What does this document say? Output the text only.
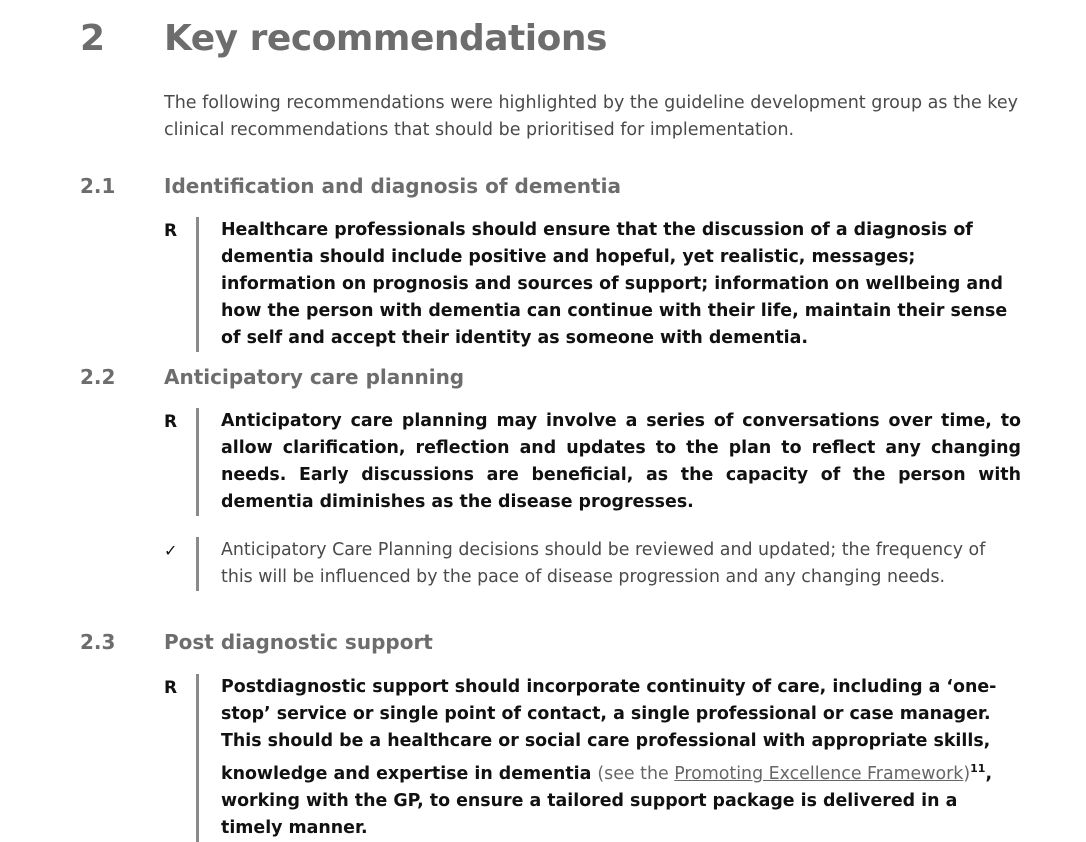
2 Key recommendations

The following recommendations were highlighted by the guideline development group as the key clinical recommendations that should be prioritised for implementation.

2.1 Identification and diagnosis of dementia
R	Healthcare professionals should ensure that the discussion of a diagnosis of dementia should include positive and hopeful, yet realistic, messages; information on prognosis and sources of support; information on wellbeing and how the person with dementia can continue with their life, maintain their sense of self and accept their identity as someone with dementia.

2.2 Anticipatory care planning
R	Anticipatory care planning may involve a series of conversations over time, to allow clarification, reflection and updates to the plan to reflect any changing needs. Early discussions are beneficial, as the capacity of the person with dementia diminishes as the disease progresses.

✓	Anticipatory Care Planning decisions should be reviewed and updated; the frequency of this will be influenced by the pace of disease progression and any changing needs.

2.3 Post diagnostic support
R	Postdiagnostic support should incorporate continuity of care, including a ‘one-stop’ service or single point of contact, a single professional or case manager. This should be a healthcare or social care professional with appropriate skills, knowledge and expertise in dementia (see the Promoting Excellence Framework)$^{11}$, working with the GP, to ensure a tailored support package is delivered in a timely manner.
